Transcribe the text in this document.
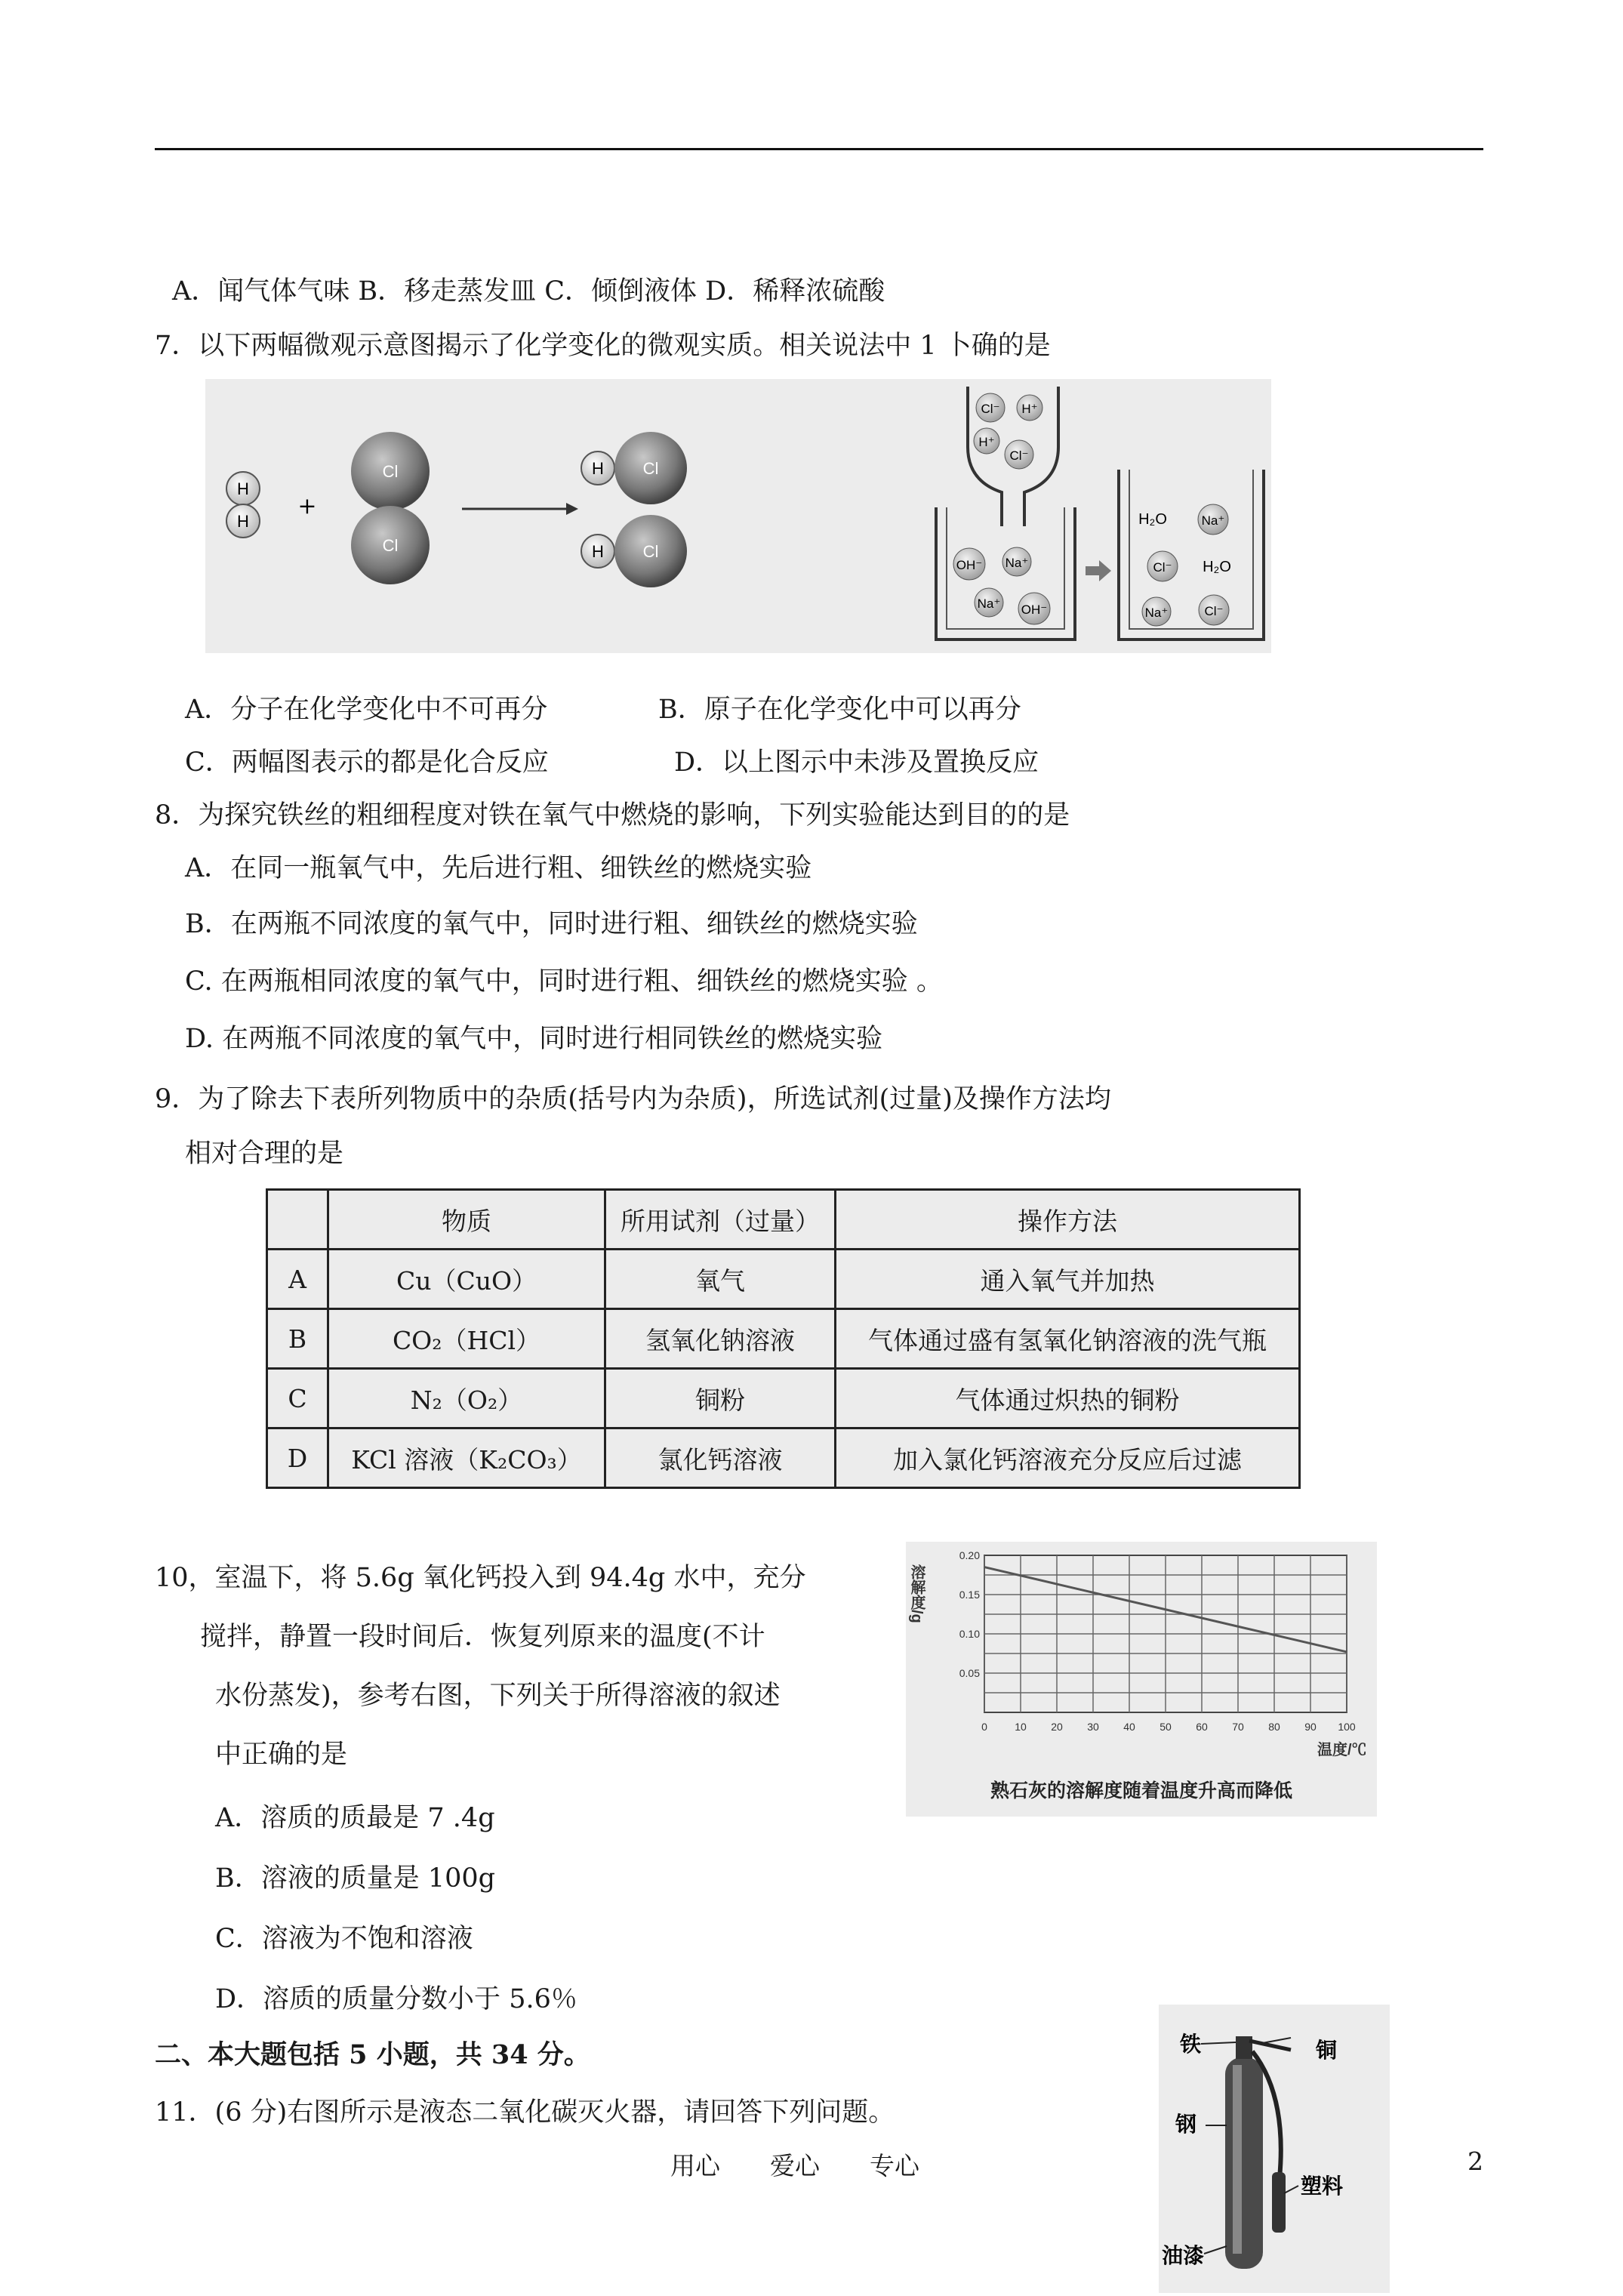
A．闻气体气味 B．移走蒸发皿 C．倾倒液体 D．稀释浓硫酸
7．以下两幅微观示意图揭示了化学变化的微观实质。相关说法中 1 卜确的是
H
H
+
Cl
Cl
H Cl
H Cl
Cl⁻ H⁺
H⁺
Cl⁻
OH⁻ Na⁺
Na⁺ OH⁻
H₂O	Na⁺
Cl⁻ H₂O
Na⁺	Cl⁻
A．分子在化学变化中不可再分	B．原子在化学变化中可以再分
C．两幅图表示的都是化合反应	D．以上图示中未涉及置换反应
8．为探究铁丝的粗细程度对铁在氧气中燃烧的影响，下列实验能达到目的的是
A．在同一瓶氧气中，先后进行粗、细铁丝的燃烧实验
B．在两瓶不同浓度的氧气中，同时进行粗、细铁丝的燃烧实验
C. 在两瓶相同浓度的氧气中，同时进行粗、细铁丝的燃烧实验 。
D. 在两瓶不同浓度的氧气中，同时进行相同铁丝的燃烧实验
9．为了除去下表所列物质中的杂质(括号内为杂质)，所选试剂(过量)及操作方法均
相对合理的是
	物质	所用试剂（过量）	操作方法
A	Cu（CuO）	氧气	通入氧气并加热
B	CO₂（HCl）	氢氧化钠溶液	气体通过盛有氢氧化钠溶液的洗气瓶
C	N₂（O₂）	铜粉	气体通过炽热的铜粉
D	KCl 溶液（K₂CO₃）	氯化钙溶液	加入氯化钙溶液充分反应后过滤
10，室温下，将 5.6g 氧化钙投入到 94.4g 水中，充分
搅拌，静置一段时间后．恢复列原来的温度(不计
水份蒸发)，参考右图，下列关于所得溶液的叙述
中正确的是
A．溶质的质最是 7 .4g
B．溶液的质量是 100g
C．溶液为不饱和溶液
D．溶质的质量分数小于 5.6％
0.05
0.10
0.15
0.20
0	10 20 30 40 50 60 70 80 90 100
溶解度/g
温度/℃
熟石灰的溶解度随着温度升高而降低
二、本大题包括 5 小题，共 34 分。
11．(6 分)右图所示是液态二氧化碳灭火器，请回答下列问题。
铁	铜
钢
塑料
油漆
用心 爱心 专心	2
